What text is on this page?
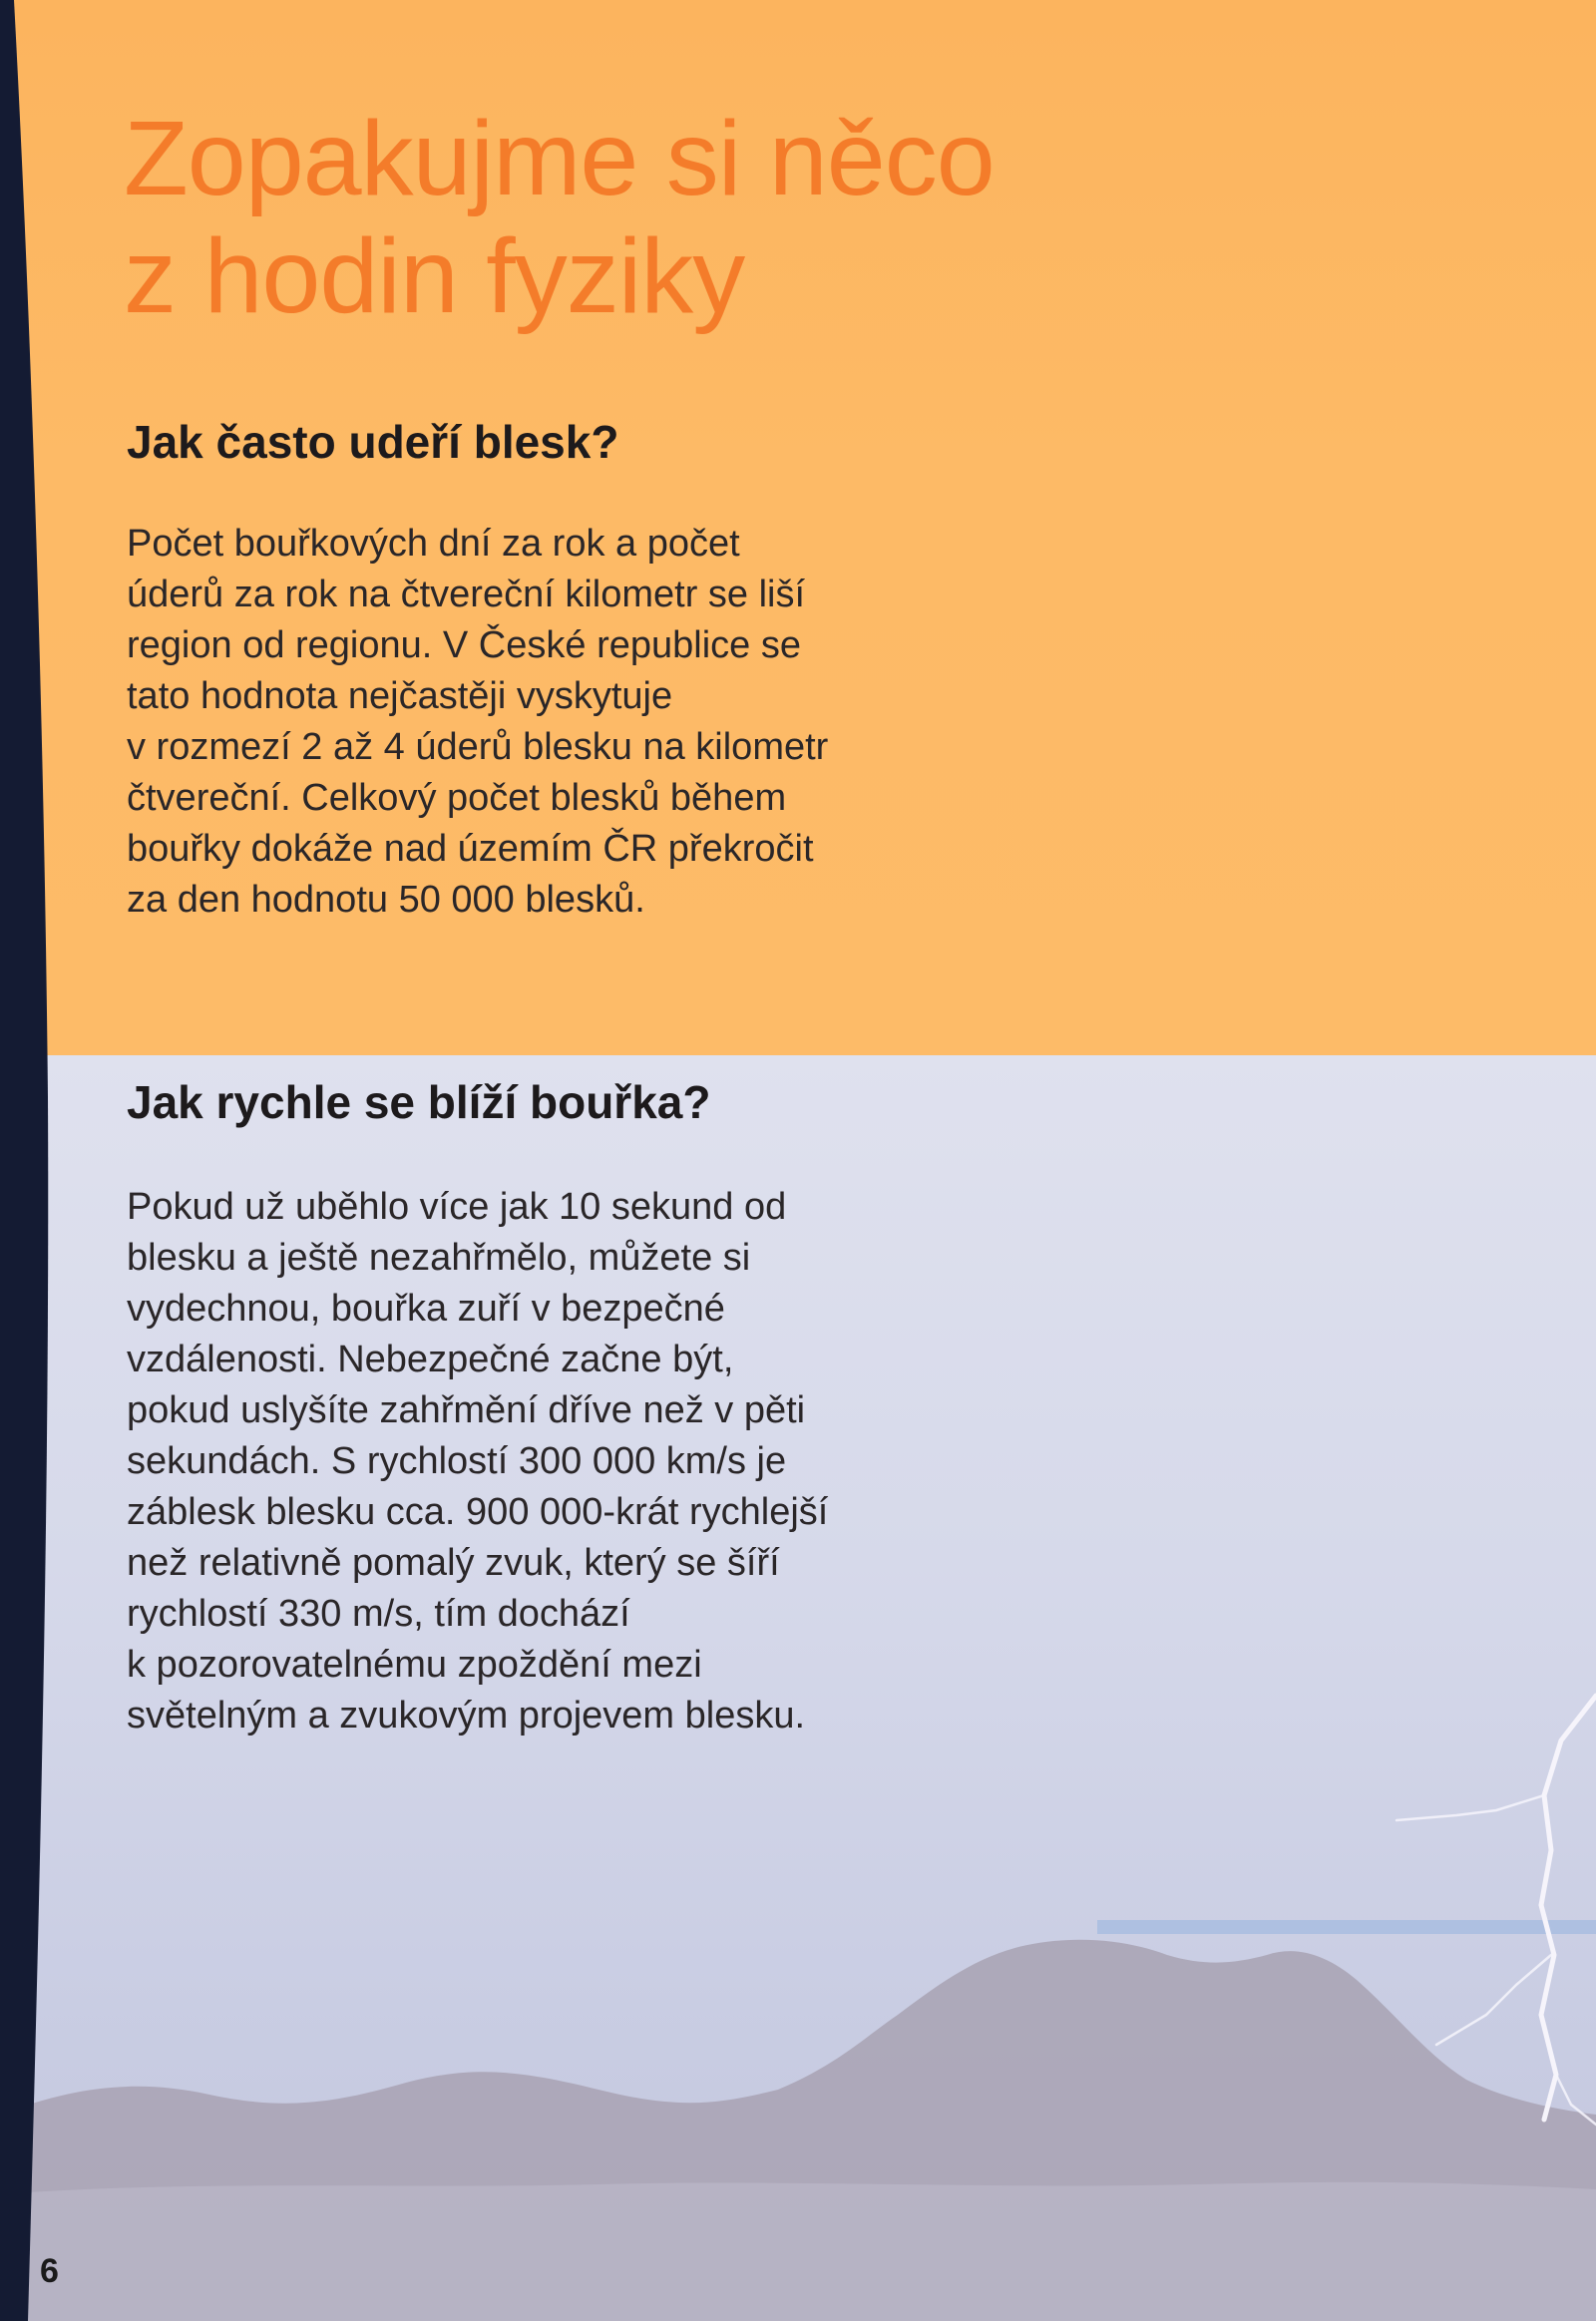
Zopakujme si něco
z hodin fyziky
Jak často udeří blesk?

Počet bouřkových dní za rok a počet
úderů za rok na čtvereční kilometr se liší
region od regionu. V České republice se
tato hodnota nejčastěji vyskytuje
v rozmezí 2 až 4 úderů blesku na kilometr
čtvereční. Celkový počet blesků během
bouřky dokáže nad územím ČR překročit
za den hodnotu 50 000 blesků.

Jak rychle se blíží bouřka?

Pokud už uběhlo více jak 10 sekund od
blesku a ještě nezahřmělo, můžete si
vydechnou, bouřka zuří v bezpečné
vzdálenosti. Nebezpečné začne být,
pokud uslyšíte zahřmění dříve než v pěti
sekundách. S rychlostí 300 000 km/s je
záblesk blesku cca. 900 000-krát rychlejší
než relativně pomalý zvuk, který se šíří
rychlostí 330 m/s, tím dochází
k pozorovatelnému zpoždění mezi
světelným a zvukovým projevem blesku.

6
